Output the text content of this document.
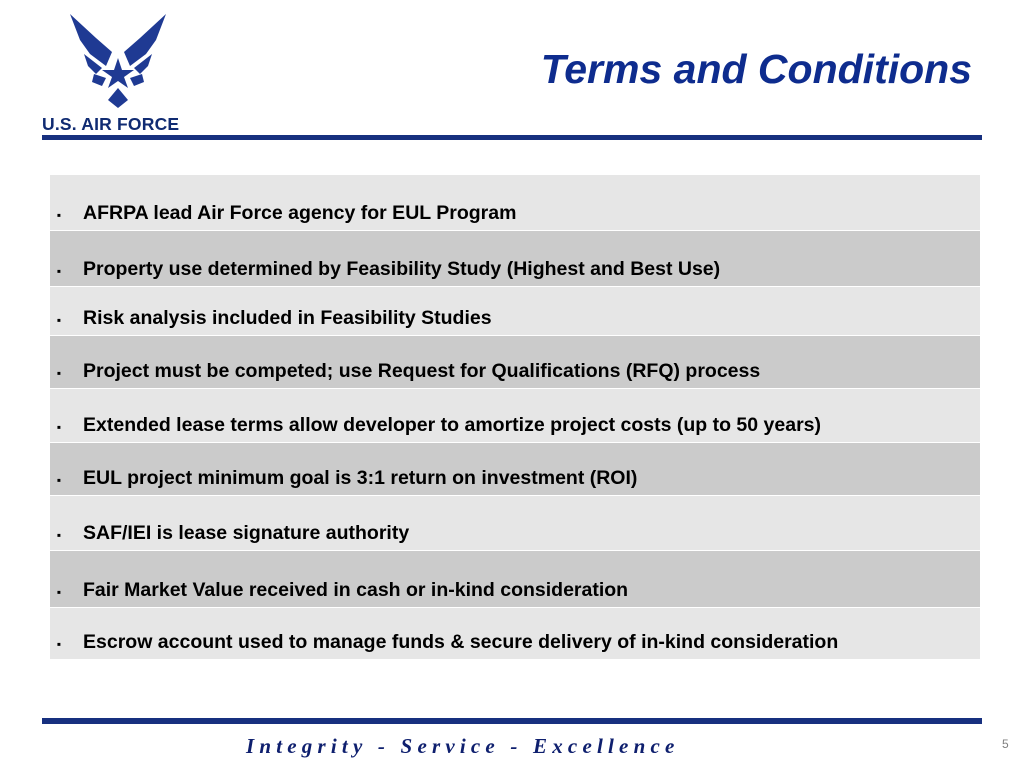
U.S. AIR FORCE
Terms and Conditions
▪ AFRPA lead Air Force agency for EUL Program
▪ Property use determined by Feasibility Study (Highest and Best Use)
▪ Risk analysis included in Feasibility Studies
▪ Project must be competed; use Request for Qualifications (RFQ) process
▪ Extended lease terms allow developer to amortize project costs (up to 50 years)
▪ EUL project minimum goal is 3:1 return on investment (ROI)
▪ SAF/IEI is lease signature authority
▪ Fair Market Value received in cash or in-kind consideration
▪ Escrow account used to manage funds & secure delivery of in-kind consideration
Integrity - Service - Excellence	5
